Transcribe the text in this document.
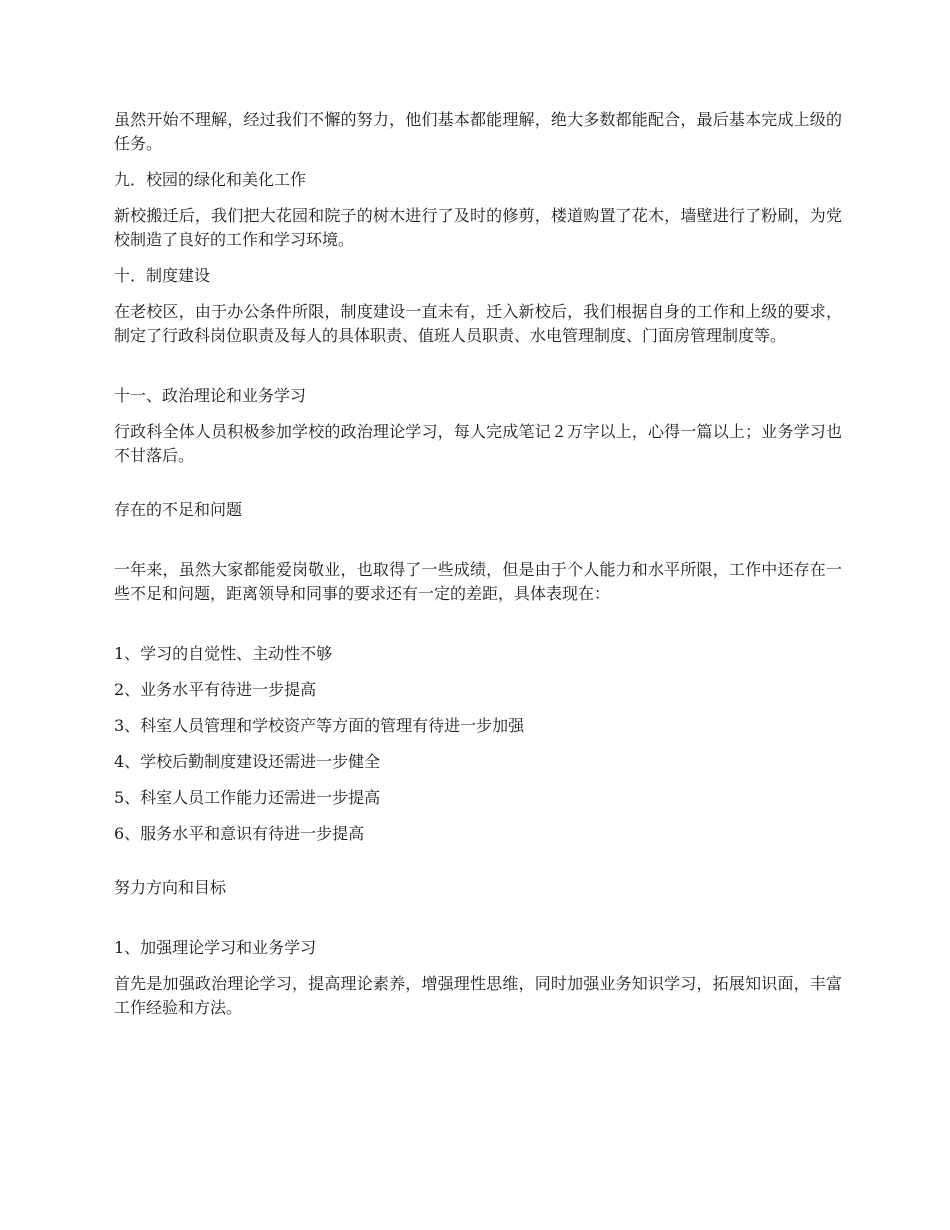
虽然开始不理解，经过我们不懈的努力，他们基本都能理解，绝大多数都能配合，最后基本完成上级的任务。

九．校园的绿化和美化工作

新校搬迁后，我们把大花园和院子的树木进行了及时的修剪，楼道购置了花木，墙壁进行了粉刷，为党校制造了良好的工作和学习环境。

十．制度建设

在老校区，由于办公条件所限，制度建设一直未有，迁入新校后，我们根据自身的工作和上级的要求，制定了行政科岗位职责及每人的具体职责、值班人员职责、水电管理制度、门面房管理制度等。

十一、政治理论和业务学习

行政科全体人员积极参加学校的政治理论学习，每人完成笔记２万字以上，心得一篇以上；业务学习也不甘落后。

存在的不足和问题

一年来，虽然大家都能爱岗敬业，也取得了一些成绩，但是由于个人能力和水平所限，工作中还存在一些不足和问题，距离领导和同事的要求还有一定的差距，具体表现在：

1、学习的自觉性、主动性不够

2、业务水平有待进一步提高

3、科室人员管理和学校资产等方面的管理有待进一步加强

4、学校后勤制度建设还需进一步健全

5、科室人员工作能力还需进一步提高

6、服务水平和意识有待进一步提高

努力方向和目标

1、加强理论学习和业务学习

首先是加强政治理论学习，提高理论素养，增强理性思维，同时加强业务知识学习，拓展知识面，丰富工作经验和方法。
